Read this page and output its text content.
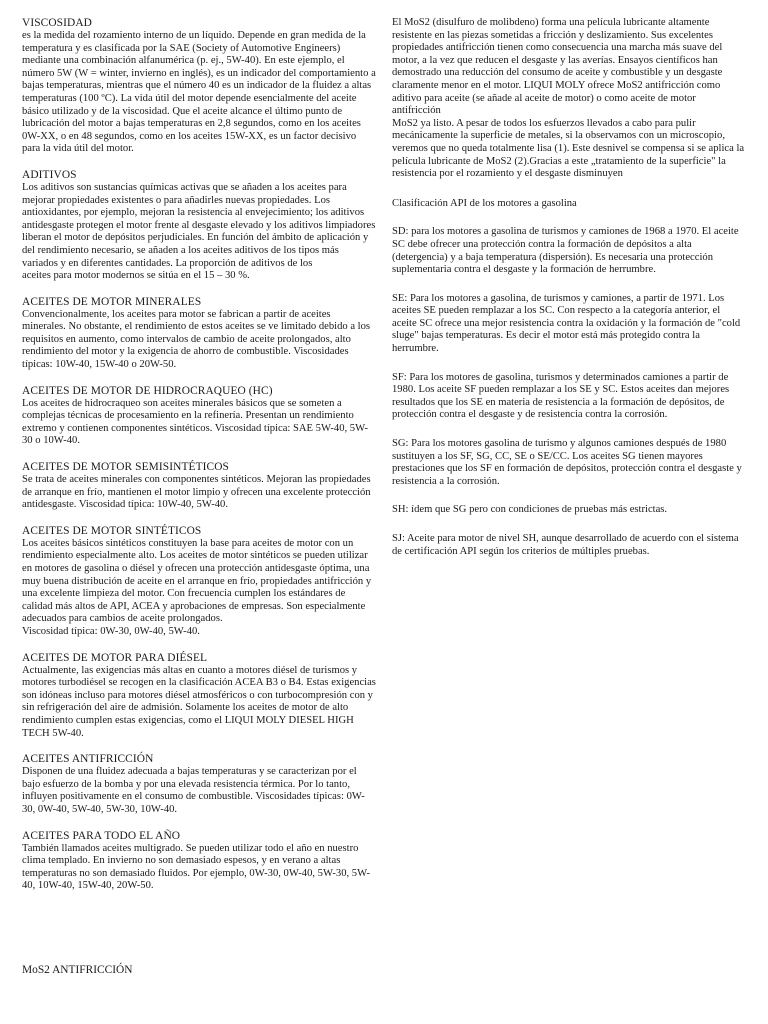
VISCOSIDAD

es la medida del rozamiento interno de un líquido. Depende en gran medida de la temperatura y es clasificada por la SAE (Society of Automotive Engineers) mediante una combinación alfanumérica (p. ej., 5W-40). En este ejemplo, el número 5W (W = winter, invierno en inglés), es un indicador del comportamiento a bajas temperaturas, mientras que el número 40 es un indicador de la fluidez a altas temperaturas (100 ºC). La vida útil del motor depende esencialmente del aceite básico utilizado y de la viscosidad. Que el aceite alcance el último punto de lubricación del motor a bajas temperaturas en 2,8 segundos, como en los aceites 0W-XX, o en 48 segundos, como en los aceites 15W-XX, es un factor decisivo para la vida útil del motor.

ADITIVOS

Los aditivos son sustancias químicas activas que se añaden a los aceites para mejorar propiedades existentes o para añadirles nuevas propiedades. Los antioxidantes, por ejemplo, mejoran la resistencia al envejecimiento; los aditivos antidesgaste protegen el motor frente al desgaste elevado y los aditivos limpiadores liberan el motor de depósitos perjudiciales. En función del ámbito de aplicación y del rendimiento necesario, se añaden a los aceites aditivos de los tipos más variados y en diferentes cantidades. La proporción de aditivos de los

aceites para motor modernos se sitúa en el 15 – 30 %.

ACEITES DE MOTOR MINERALES

Convencionalmente, los aceites para motor se fabrican a partir de aceites minerales. No obstante, el rendimiento de estos aceites se ve limitado debido a los requisitos en aumento, como intervalos de cambio de aceite prolongados, alto rendimiento del motor y la exigencia de ahorro de combustible. Viscosidades típicas: 10W-40, 15W-40 o 20W-50.

ACEITES DE MOTOR DE HIDROCRAQUEO (HC)

Los aceites de hidrocraqueo son aceites minerales básicos que se someten a complejas técnicas de procesamiento en la refinería. Presentan un rendimiento extremo y contienen componentes sintéticos. Viscosidad típica: SAE 5W-40, 5W-30 o 10W-40.

ACEITES DE MOTOR SEMISINTÉTICOS

Se trata de aceites minerales con componentes sintéticos. Mejoran las propiedades de arranque en frío, mantienen el motor limpio y ofrecen una excelente protección antidesgaste. Viscosidad típica: 10W-40, 5W-40.

ACEITES DE MOTOR SINTÉTICOS

Los aceites básicos sintéticos constituyen la base para aceites de motor con un rendimiento especialmente alto. Los aceites de motor sintéticos se pueden utilizar en motores de gasolina o diésel y ofrecen una protección antidesgaste óptima, una muy buena distribución de aceite en el arranque en frío, propiedades antifricción y una excelente limpieza del motor. Con frecuencia cumplen los estándares de calidad más altos de API, ACEA y aprobaciones de empresas. Son especialmente adecuados para cambios de aceite prolongados.

Viscosidad típica: 0W-30, 0W-40, 5W-40.

ACEITES DE MOTOR PARA DIÉSEL

Actualmente, las exigencias más altas en cuanto a motores diésel de turismos y motores turbodiésel se recogen en la clasificación ACEA B3 o B4. Estas exigencias son idóneas incluso para motores diésel atmosféricos o con turbocompresión con y sin refrigeración del aire de admisión. Solamente los aceites de motor de alto rendimiento cumplen estas exigencias, como el LIQUI MOLY DIESEL HIGH TECH 5W-40.

ACEITES ANTIFRICCIÓN

Disponen de una fluidez adecuada a bajas temperaturas y se caracterizan por el bajo esfuerzo de la bomba y por una elevada resistencia térmica. Por lo tanto, influyen positivamente en el consumo de combustible. Viscosidades típicas: 0W-30, 0W-40, 5W-40, 5W-30, 10W-40.

ACEITES PARA TODO EL AÑO

También llamados aceites multigrado. Se pueden utilizar todo el año en nuestro clima templado. En invierno no son demasiado espesos, y en verano a altas temperaturas no son demasiado fluidos. Por ejemplo, 0W-30, 0W-40, 5W-30, 5W-40, 10W-40, 15W-40, 20W-50.

MoS2 ANTIFRICCIÓN

El MoS2 (disulfuro de molibdeno) forma una película lubricante altamente resistente en las piezas sometidas a fricción y deslizamiento. Sus excelentes propiedades antifricción tienen como consecuencia una marcha más suave del motor, a la vez que reducen el desgaste y las averías. Ensayos científicos han demostrado una reducción del consumo de aceite y combustible y un desgaste claramente menor en el motor. LIQUI MOLY ofrece MoS2 antifricción como aditivo para aceite (se añade al aceite de motor) o como aceite de motor antifricción

MoS2 ya listo. A pesar de todos los esfuerzos llevados a cabo para pulir mecánicamente la superficie de metales, si la observamos con un microscopio, veremos que no queda totalmente lisa (1). Este desnivel se compensa si se aplica la película lubricante de MoS2 (2).Gracias a este „tratamiento de la superficie" la resistencia por el rozamiento y el desgaste disminuyen

Clasificación API de los motores a gasolina

SD: para los motores a gasolina de turismos y camiones de 1968 a 1970. El aceite SC debe ofrecer una protección contra la formación de depósitos a alta (detergencia) y a baja temperatura (dispersión). Es necesaria una protección suplementaria contra el desgaste y la formación de herrumbre.

SE: Para los motores a gasolina, de turismos y camiones, a partir de 1971. Los aceites SE pueden remplazar a los SC. Con respecto a la categoría anterior, el aceite SC ofrece una mejor resistencia contra la oxidación y la formación de "cold sluge" bajas temperaturas. Es decir el motor está más protegido contra la herrumbre.

SF: Para los motores de gasolina, turismos y determinados camiones a partir de 1980. Los aceite SF pueden remplazar a los SE y SC. Estos aceites dan mejores resultados que los SE en materia de resistencia a la formación de depósitos, de protección contra el desgaste y de resistencia contra la corrosión.

SG: Para los motores gasolina de turismo y algunos camiones después de 1980 sustituyen a los SF, SG, CC, SE o SE/CC. Los aceites SG tienen mayores prestaciones que los SF en formación de depósitos, protección contra el desgaste y resistencia a la corrosión.

SH: ídem que SG pero con condiciones de pruebas más estrictas.

SJ: Aceite para motor de nivel SH, aunque desarrollado de acuerdo con el sistema de certificación API según los criterios de múltiples pruebas.
